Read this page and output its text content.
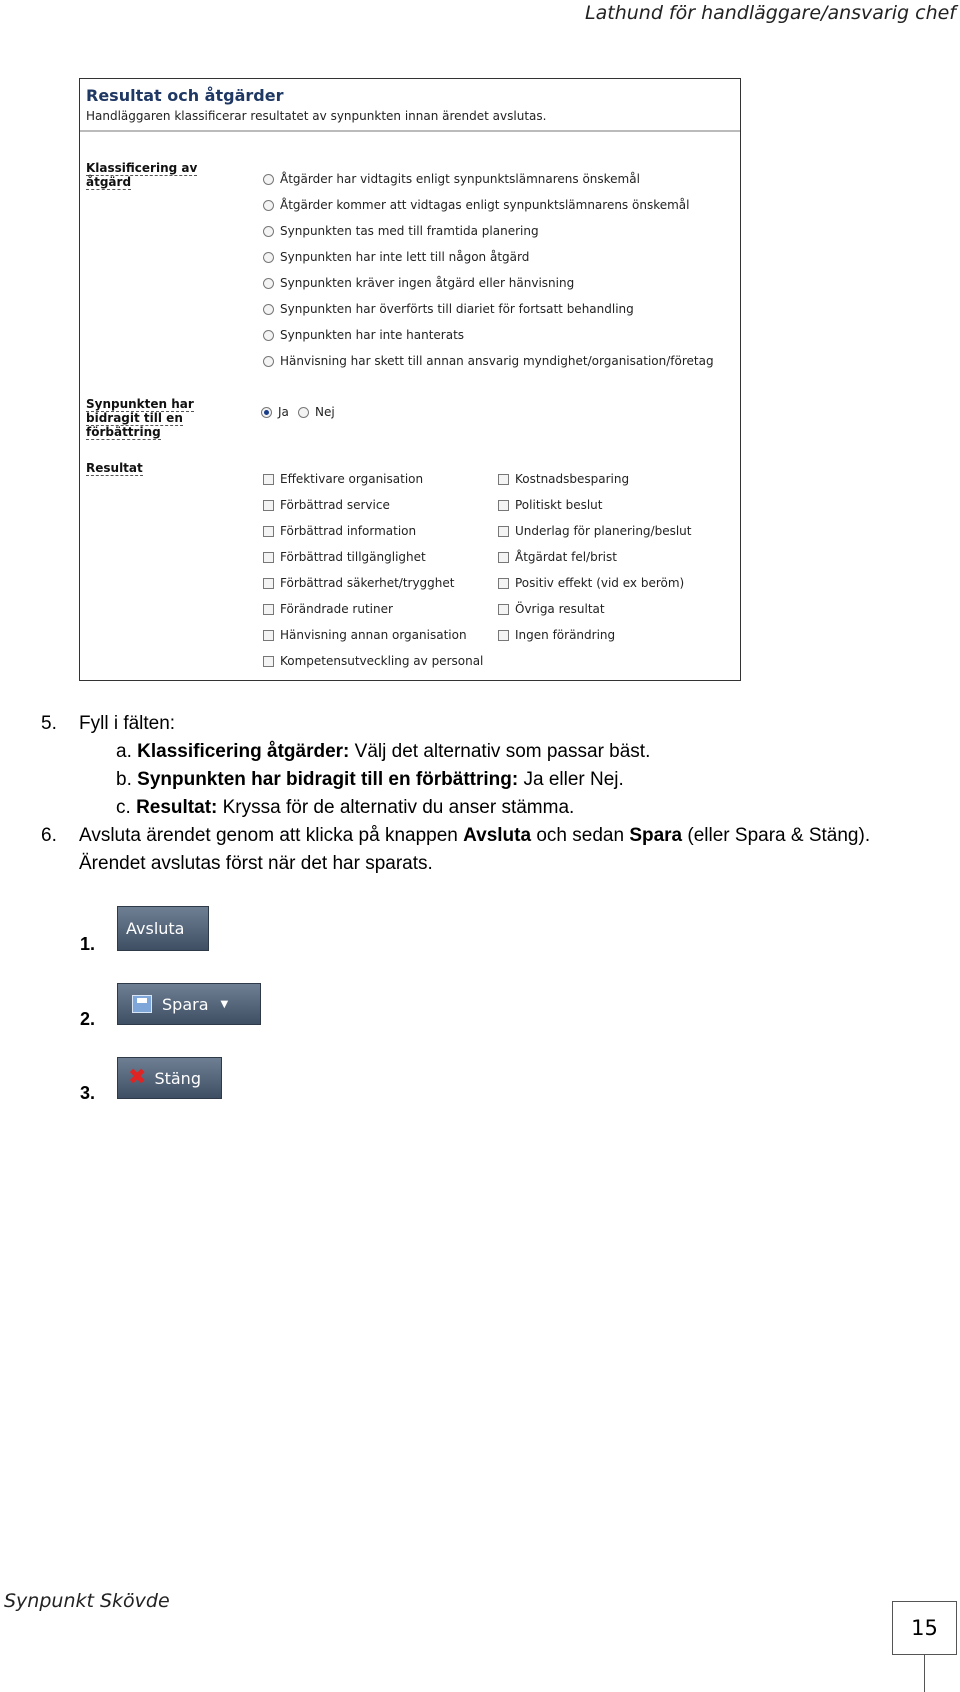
Lathund för handläggare/ansvarig chef
Resultat och åtgärder
Handläggaren klassificerar resultatet av synpunkten innan ärendet avslutas.
Klassificering av åtgärd	Åtgärder har vidtagits enligt synpunktslämnarens önskemål
Åtgärder kommer att vidtagas enligt synpunktslämnarens önskemål
Synpunkten tas med till framtida planering
Synpunkten har inte lett till någon åtgärd
Synpunkten kräver ingen åtgärd eller hänvisning
Synpunkten har överförts till diariet för fortsatt behandling
Synpunkten har inte hanterats
Hänvisning har skett till annan ansvarig myndighet/organisation/företag
Synpunkten har bidragit till en förbättring
Ja Nej
Resultat
Effektivare organisation
Förbättrad service
Förbättrad information
Förbättrad tillgänglighet
Förbättrad säkerhet/trygghet
Förändrade rutiner
Hänvisning annan organisation
Kompetensutveckling av personal
Kostnadsbesparing
Politiskt beslut
Underlag för planering/beslut
Åtgärdat fel/brist
Positiv effekt (vid ex beröm)
Övriga resultat
Ingen förändring
5. Fyll i fälten:
a. Klassificering åtgärder: Välj det alternativ som passar bäst.
b. Synpunkten har bidragit till en förbättring: Ja eller Nej.
c. Resultat: Kryssa för de alternativ du anser stämma.
6. Avsluta ärendet genom att klicka på knappen Avsluta och sedan Spara (eller Spara & Stäng).
Ärendet avslutas först när det har sparats.
1.
Avsluta
2.
Spara ▼
3.
✖ Stäng
Synpunkt Skövde
15
